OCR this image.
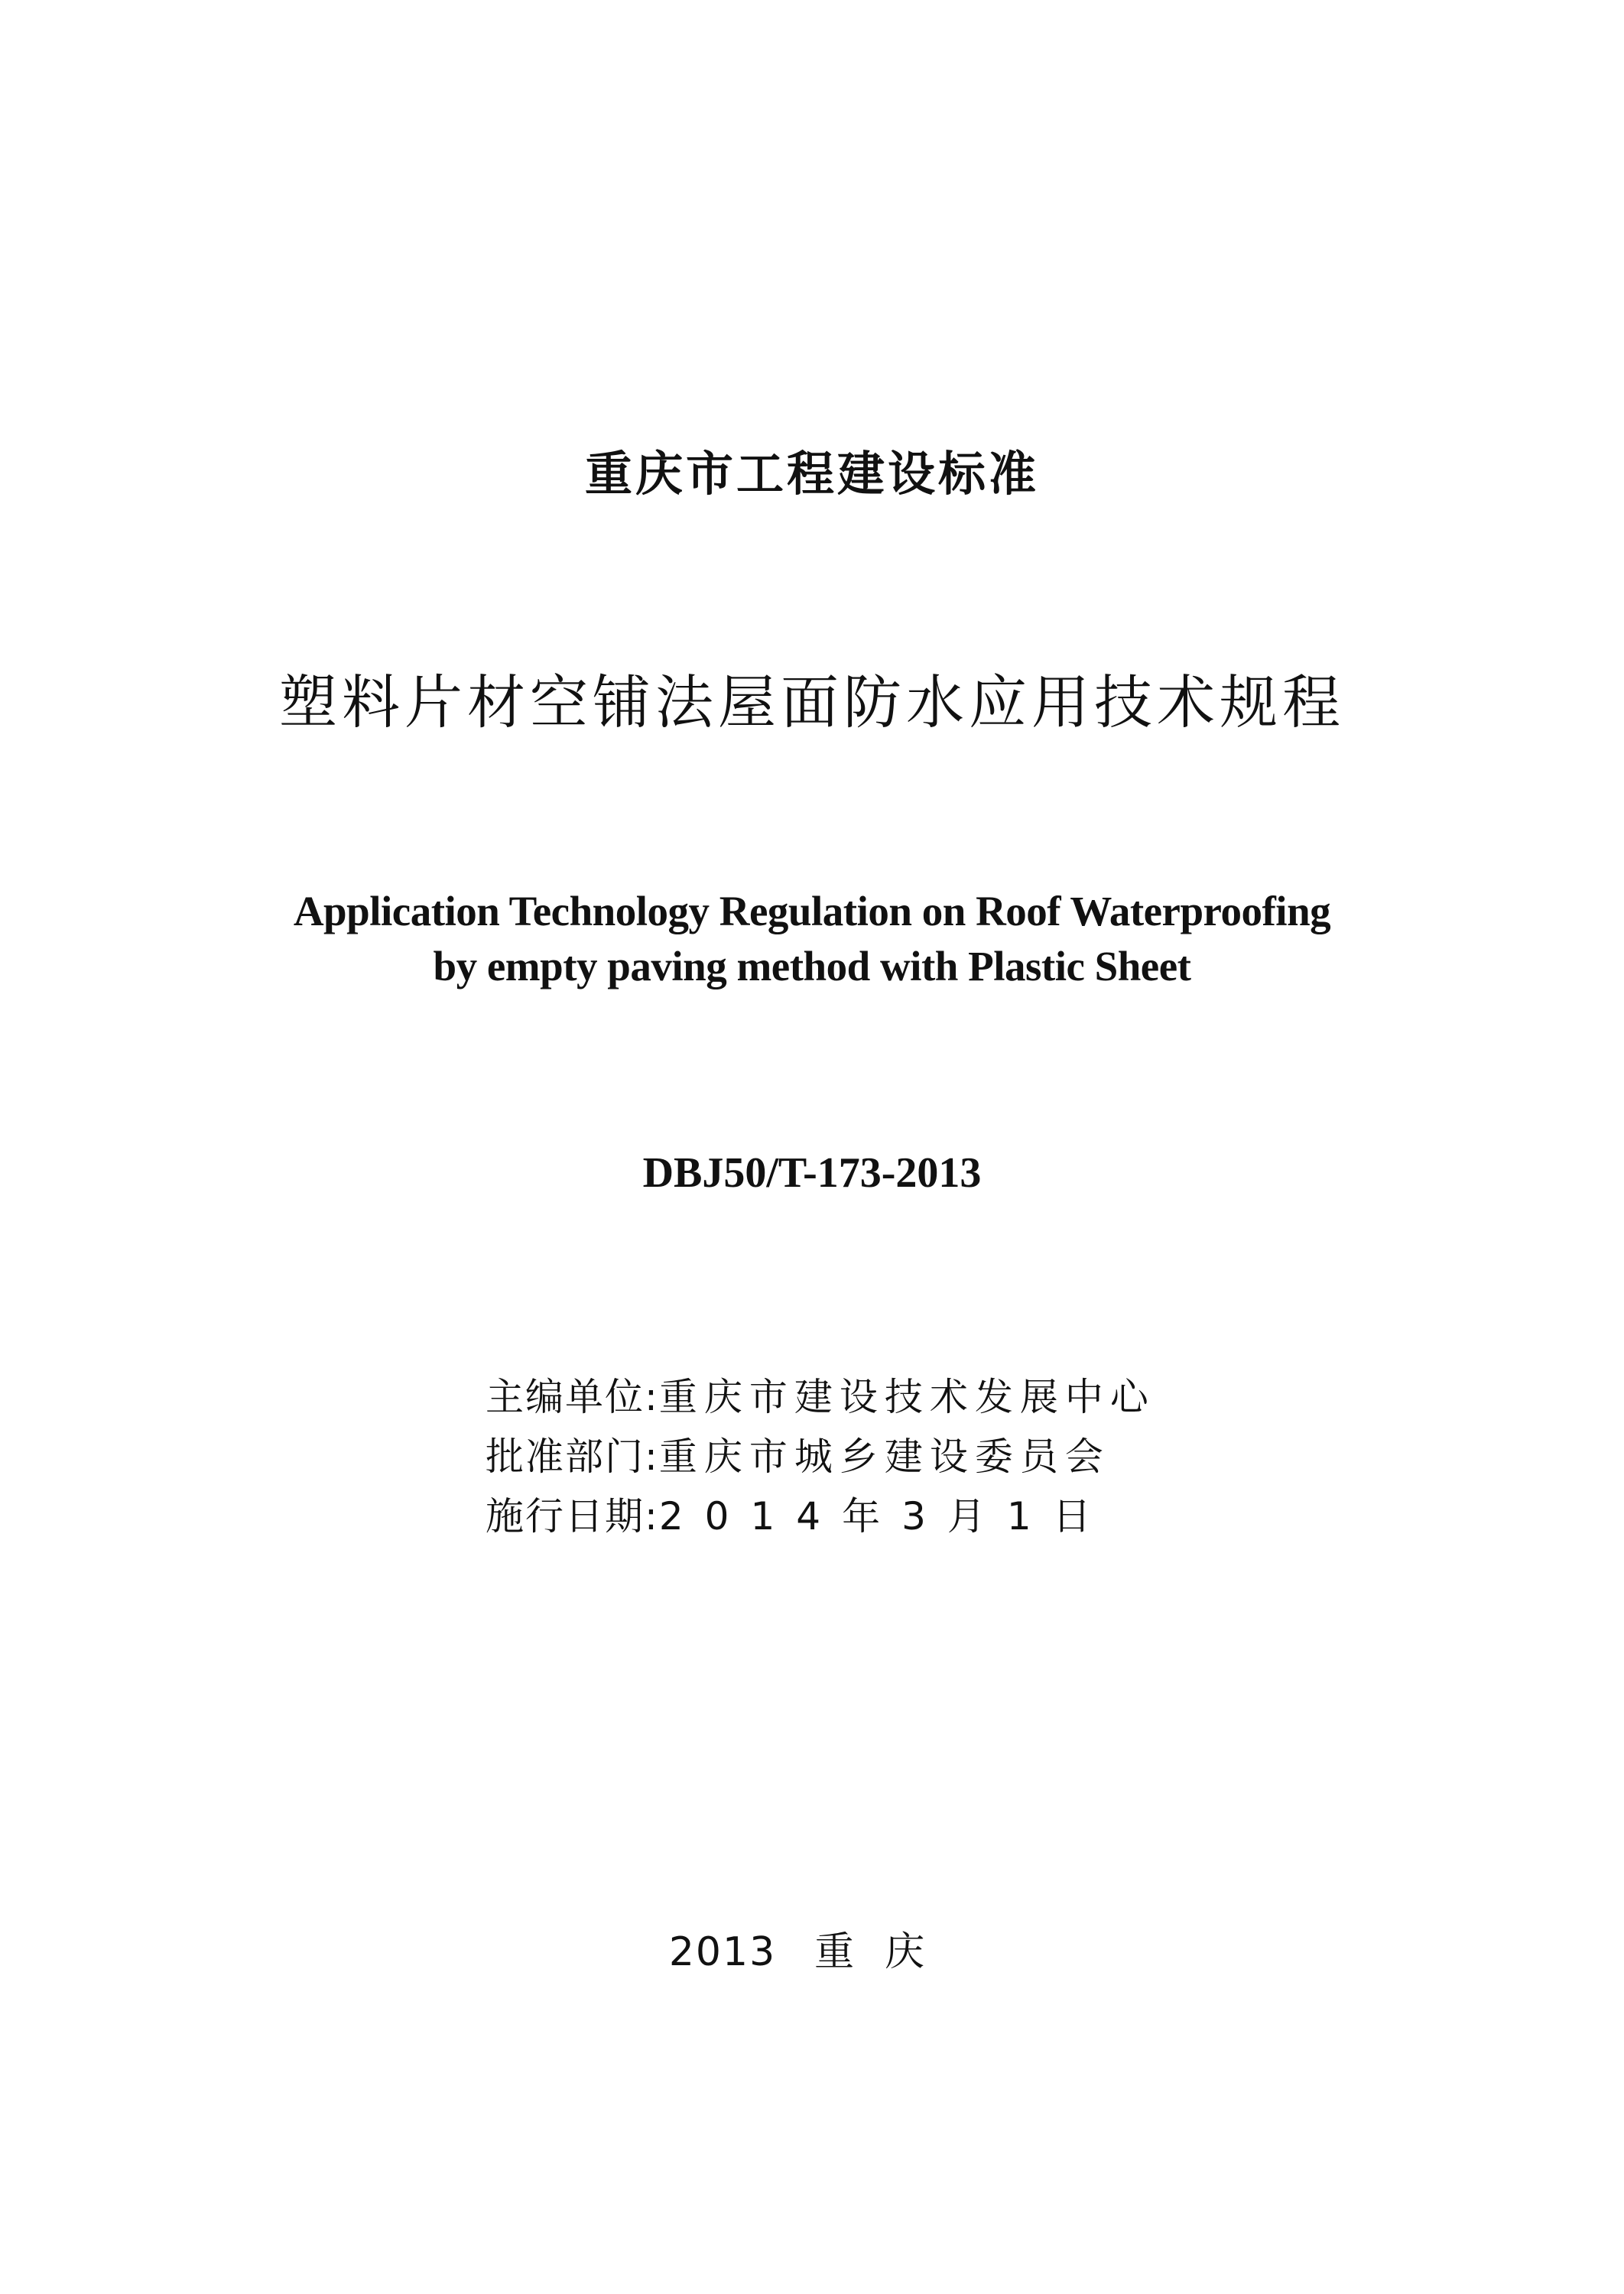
重庆市工程建设标准
塑料片材空铺法屋面防水应用技术规程
Application Technology Regulation on Roof Waterproofing
by empty paving method with Plastic Sheet
DBJ50/T-173-2013
主编单位:重庆市建设技术发展中心
批准部门:重庆市城乡建设委员会
施行日期:2014年3月1日
2013 重庆
